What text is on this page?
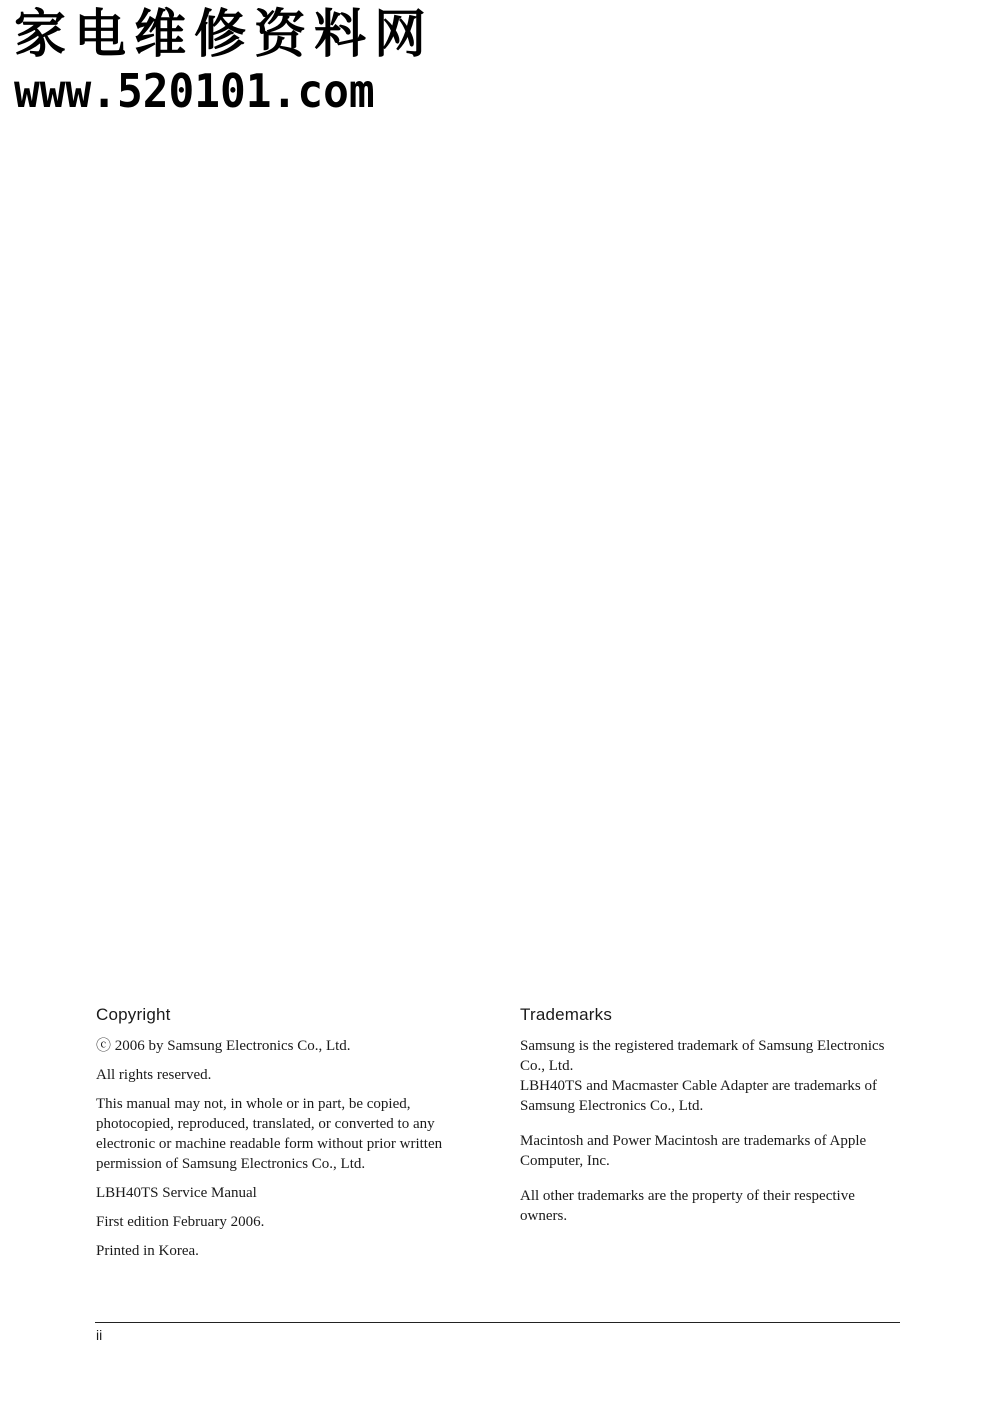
家电维修资料网
www.520101.com
Copyright

ⓒ 2006 by Samsung Electronics Co., Ltd.

All rights reserved.

This manual may not, in whole or in part, be copied, photocopied, reproduced, translated, or converted to any electronic or machine readable form without prior written permission of Samsung Electronics Co., Ltd.

LBH40TS Service Manual

First edition February 2006.

Printed in Korea.

Trademarks

Samsung is the registered trademark of Samsung Electronics Co., Ltd.

LBH40TS and Macmaster Cable Adapter are trademarks of Samsung Electronics Co., Ltd.

Macintosh and Power Macintosh are trademarks of Apple Computer, Inc.

All other trademarks are the property of their respective owners.

ii
